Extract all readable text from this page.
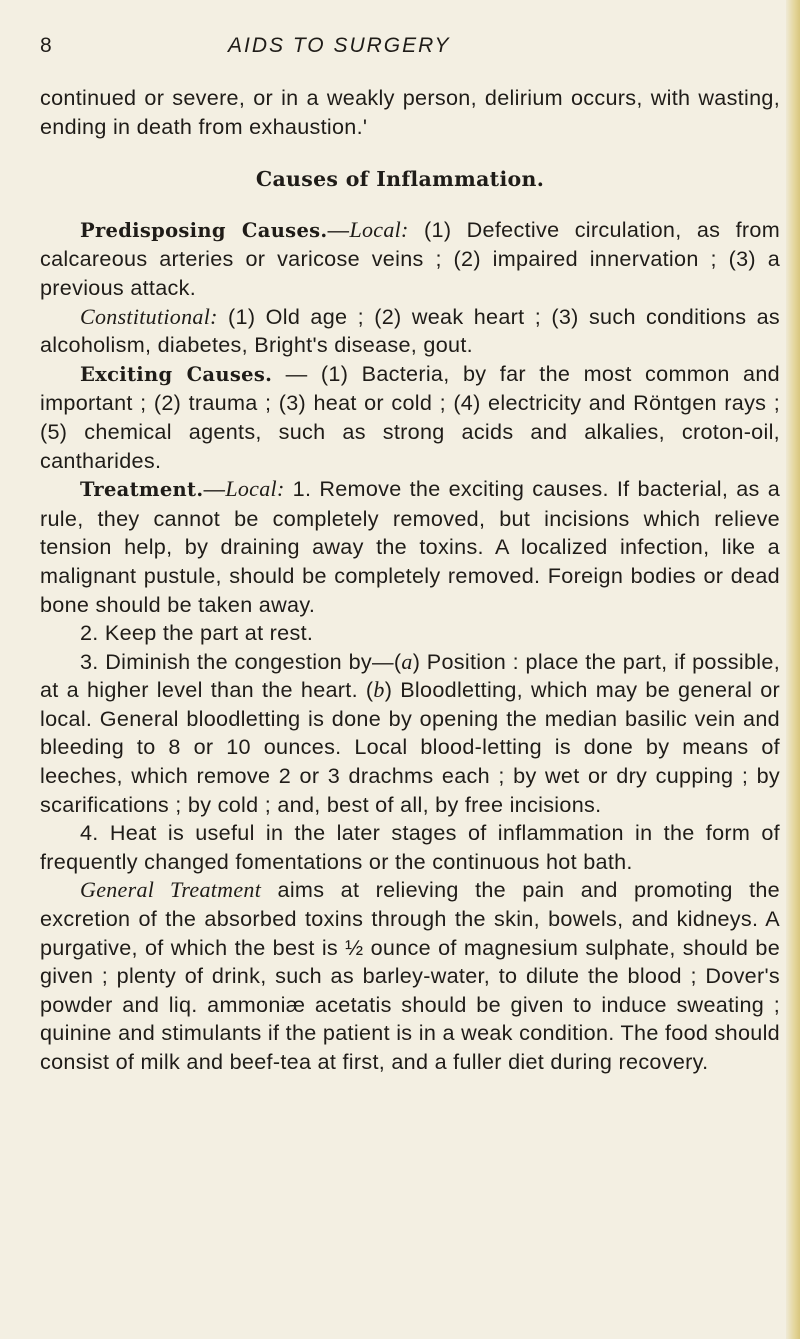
8	AIDS TO SURGERY

continued or severe, or in a weakly person, delirium occurs, with wasting, ending in death from exhaustion.'

Causes of Inflammation.

Predisposing Causes.—Local: (1) Defective circulation, as from calcareous arteries or varicose veins ; (2) impaired innervation ; (3) a previous attack.

Constitutional: (1) Old age ; (2) weak heart ; (3) such conditions as alcoholism, diabetes, Bright's disease, gout.

Exciting Causes. — (1) Bacteria, by far the most common and important ; (2) trauma ; (3) heat or cold ; (4) electricity and Röntgen rays ; (5) chemical agents, such as strong acids and alkalies, croton-oil, cantharides.

Treatment.—Local: 1. Remove the exciting causes. If bacterial, as a rule, they cannot be completely removed, but incisions which relieve tension help, by draining away the toxins. A localized infection, like a malignant pustule, should be completely removed. Foreign bodies or dead bone should be taken away.

2. Keep the part at rest.

3. Diminish the congestion by—(a) Position : place the part, if possible, at a higher level than the heart. (b) Bloodletting, which may be general or local. General bloodletting is done by opening the median basilic vein and bleeding to 8 or 10 ounces. Local blood-letting is done by means of leeches, which remove 2 or 3 drachms each ; by wet or dry cupping ; by scarifications ; by cold ; and, best of all, by free incisions.

4. Heat is useful in the later stages of inflammation in the form of frequently changed fomentations or the continuous hot bath.

General Treatment aims at relieving the pain and promoting the excretion of the absorbed toxins through the skin, bowels, and kidneys. A purgative, of which the best is ½ ounce of magnesium sulphate, should be given ; plenty of drink, such as barley-water, to dilute the blood ; Dover's powder and liq. ammoniæ acetatis should be given to induce sweating ; quinine and stimulants if the patient is in a weak condition. The food should consist of milk and beef-tea at first, and a fuller diet during recovery.
